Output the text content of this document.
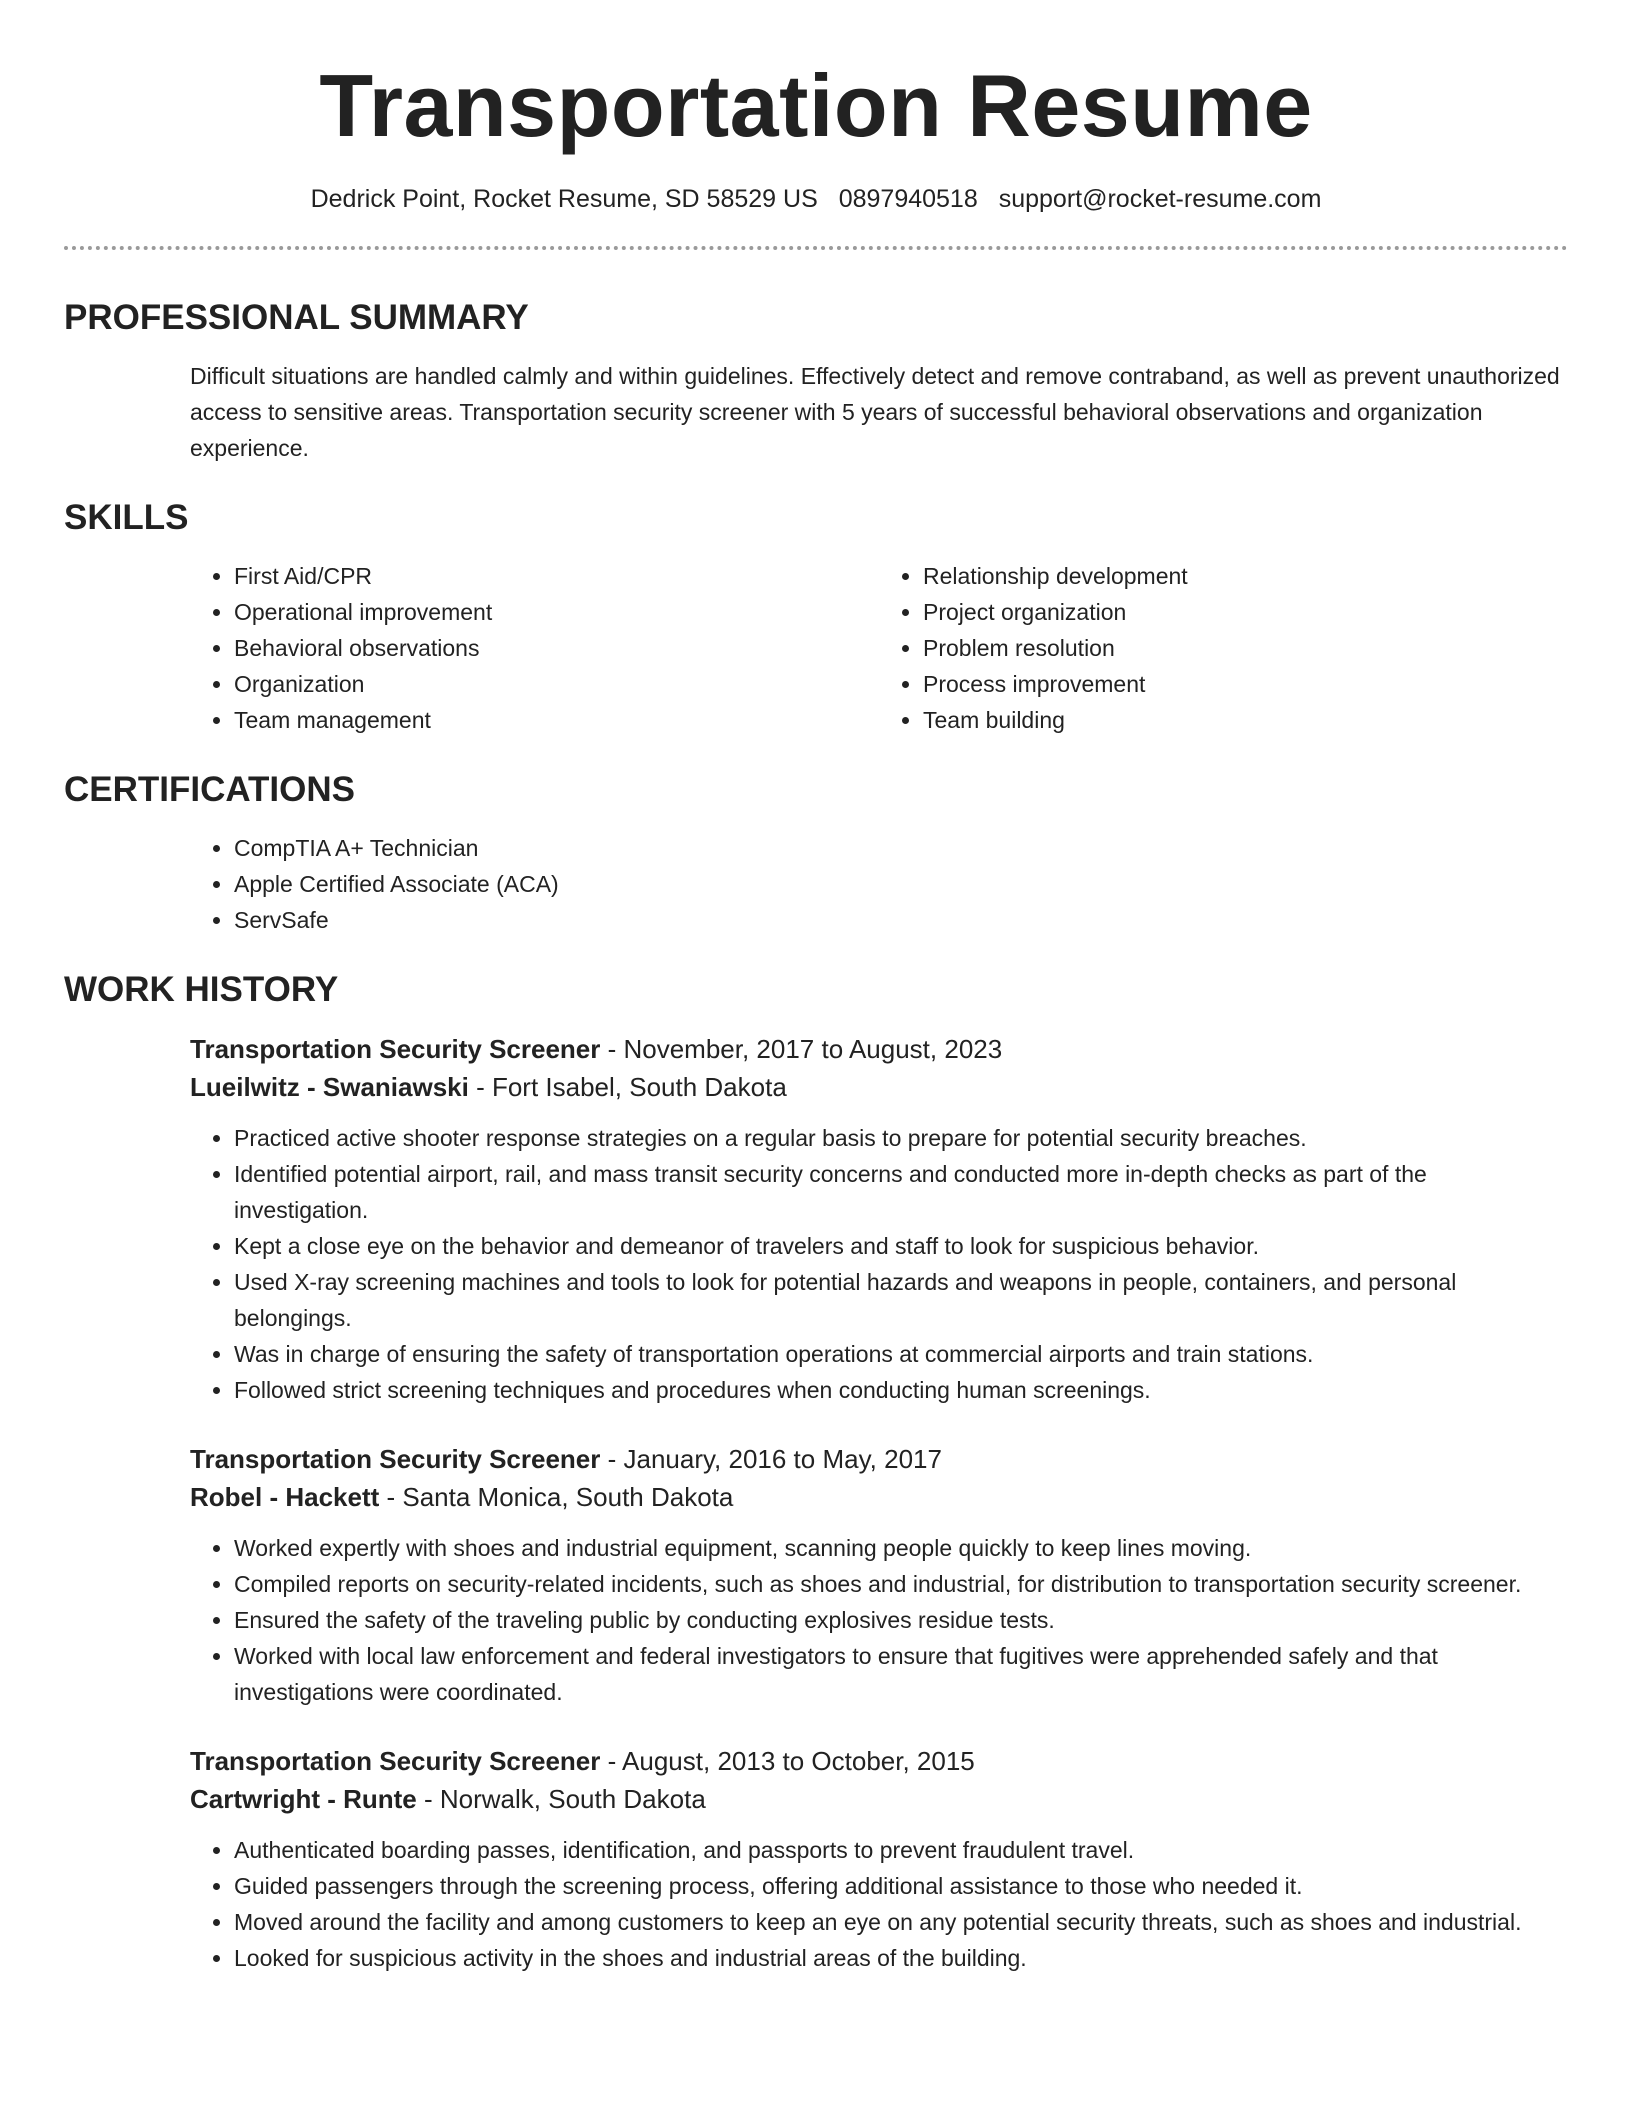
Transportation Resume
Dedrick Point, Rocket Resume, SD 58529 US 0897940518 support@rocket-resume.com
PROFESSIONAL SUMMARY

Difficult situations are handled calmly and within guidelines. Effectively detect and remove contraband, as well as prevent unauthorized access to sensitive areas. Transportation security screener with 5 years of successful behavioral observations and organization experience.

SKILLS
• First Aid/CPR
• Operational improvement
• Behavioral observations
• Organization
• Team management
• Relationship development
• Project organization
• Problem resolution
• Process improvement
• Team building
CERTIFICATIONS
• CompTIA A+ Technician
• Apple Certified Associate (ACA)
• ServSafe
WORK HISTORY
Transportation Security Screener - November, 2017 to August, 2023
Lueilwitz - Swaniawski - Fort Isabel, South Dakota
• Practiced active shooter response strategies on a regular basis to prepare for potential security breaches.
• Identified potential airport, rail, and mass transit security concerns and conducted more in-depth checks as part of the investigation.
• Kept a close eye on the behavior and demeanor of travelers and staff to look for suspicious behavior.
• Used X-ray screening machines and tools to look for potential hazards and weapons in people, containers, and personal belongings.
• Was in charge of ensuring the safety of transportation operations at commercial airports and train stations.
• Followed strict screening techniques and procedures when conducting human screenings.
Transportation Security Screener - January, 2016 to May, 2017
Robel - Hackett - Santa Monica, South Dakota
• Worked expertly with shoes and industrial equipment, scanning people quickly to keep lines moving.
• Compiled reports on security-related incidents, such as shoes and industrial, for distribution to transportation security screener.
• Ensured the safety of the traveling public by conducting explosives residue tests.
• Worked with local law enforcement and federal investigators to ensure that fugitives were apprehended safely and that investigations were coordinated.
Transportation Security Screener - August, 2013 to October, 2015
Cartwright - Runte - Norwalk, South Dakota
• Authenticated boarding passes, identification, and passports to prevent fraudulent travel.
• Guided passengers through the screening process, offering additional assistance to those who needed it.
• Moved around the facility and among customers to keep an eye on any potential security threats, such as shoes and industrial.
• Looked for suspicious activity in the shoes and industrial areas of the building.
